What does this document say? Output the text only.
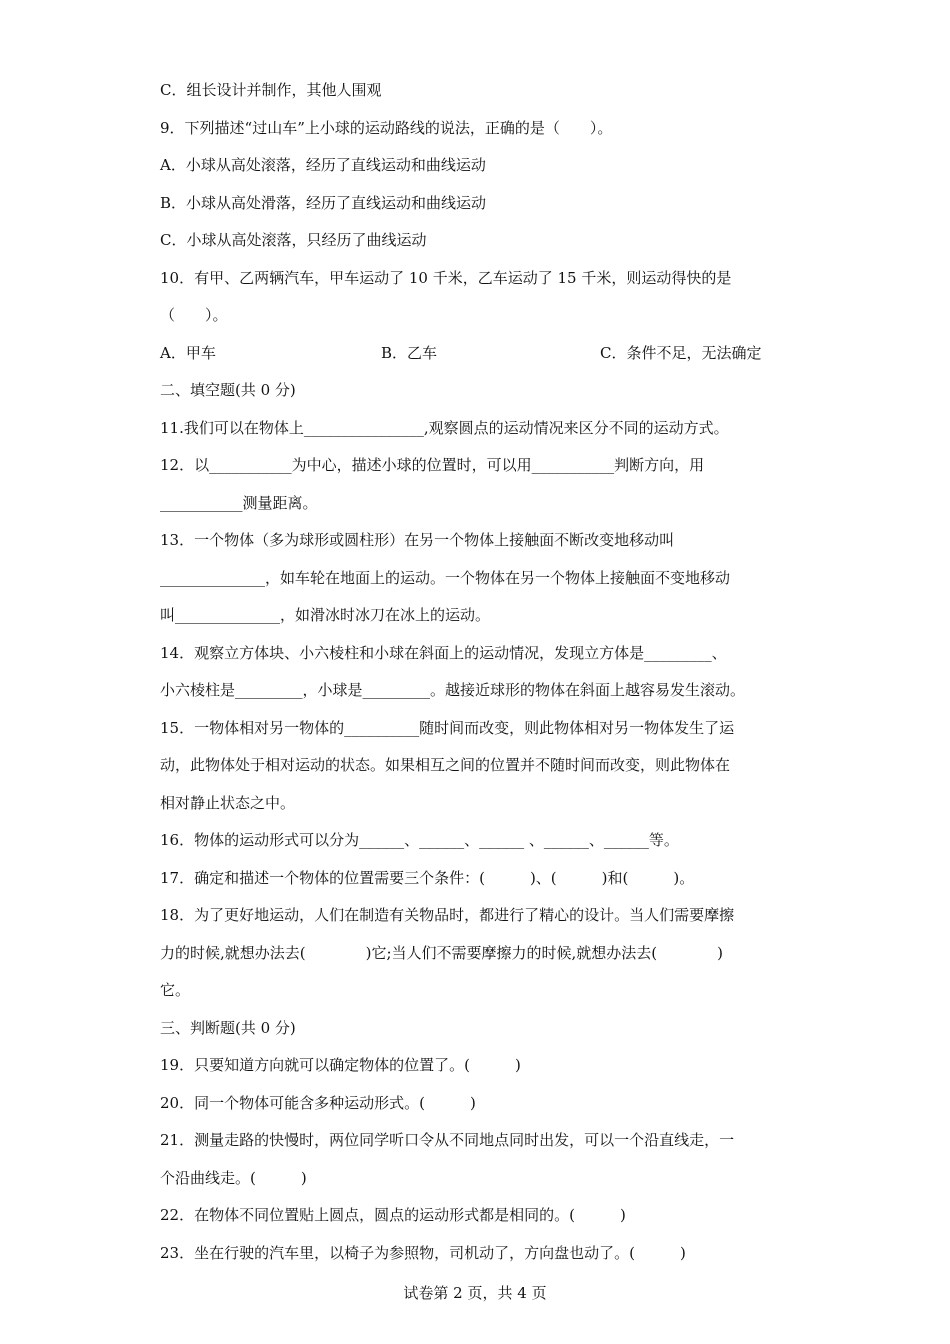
C．组长设计并制作，其他人围观
9．下列描述“过山车”上小球的运动路线的说法，正确的是（　　）。
A．小球从高处滚落，经历了直线运动和曲线运动
B．小球从高处滑落，经历了直线运动和曲线运动
C．小球从高处滚落，只经历了曲线运动
10．有甲、乙两辆汽车，甲车运动了 10 千米，乙车运动了 15 千米，则运动得快的是
（　　）。
A．甲车	B．乙车	C．条件不足，无法确定
二、填空题(共 0 分)
11.我们可以在物体上________________,观察圆点的运动情况来区分不同的运动方式。
12．以___________为中心，描述小球的位置时，可以用___________判断方向，用
___________测量距离。
13．一个物体（多为球形或圆柱形）在另一个物体上接触面不断改变地移动叫
______________，如车轮在地面上的运动。一个物体在另一个物体上接触面不变地移动
叫______________，如滑冰时冰刀在冰上的运动。
14．观察立方体块、小六棱柱和小球在斜面上的运动情况，发现立方体是_________、
小六棱柱是_________，小球是_________。越接近球形的物体在斜面上越容易发生滚动。
15．一物体相对另一物体的__________随时间而改变，则此物体相对另一物体发生了运
动，此物体处于相对运动的状态。如果相互之间的位置并不随时间而改变，则此物体在
相对静止状态之中。
16．物体的运动形式可以分为______、______、______ 、______、______等。
17．确定和描述一个物体的位置需要三个条件：(　　　)、(　　　)和(　　　)。
18．为了更好地运动，人们在制造有关物品时，都进行了精心的设计。当人们需要摩擦
力的时候,就想办法去(　　　　)它;当人们不需要摩擦力的时候,就想办法去(　　　　)
它。
三、判断题(共 0 分)
19．只要知道方向就可以确定物体的位置了。(　　　)
20．同一个物体可能含多种运动形式。(　　　)
21．测量走路的快慢时，两位同学听口令从不同地点同时出发，可以一个沿直线走，一
个沿曲线走。(　　　)
22．在物体不同位置贴上圆点，圆点的运动形式都是相同的。(　　　)
23．坐在行驶的汽车里，以椅子为参照物，司机动了，方向盘也动了。(　　　)
试卷第 2 页，共 4 页
